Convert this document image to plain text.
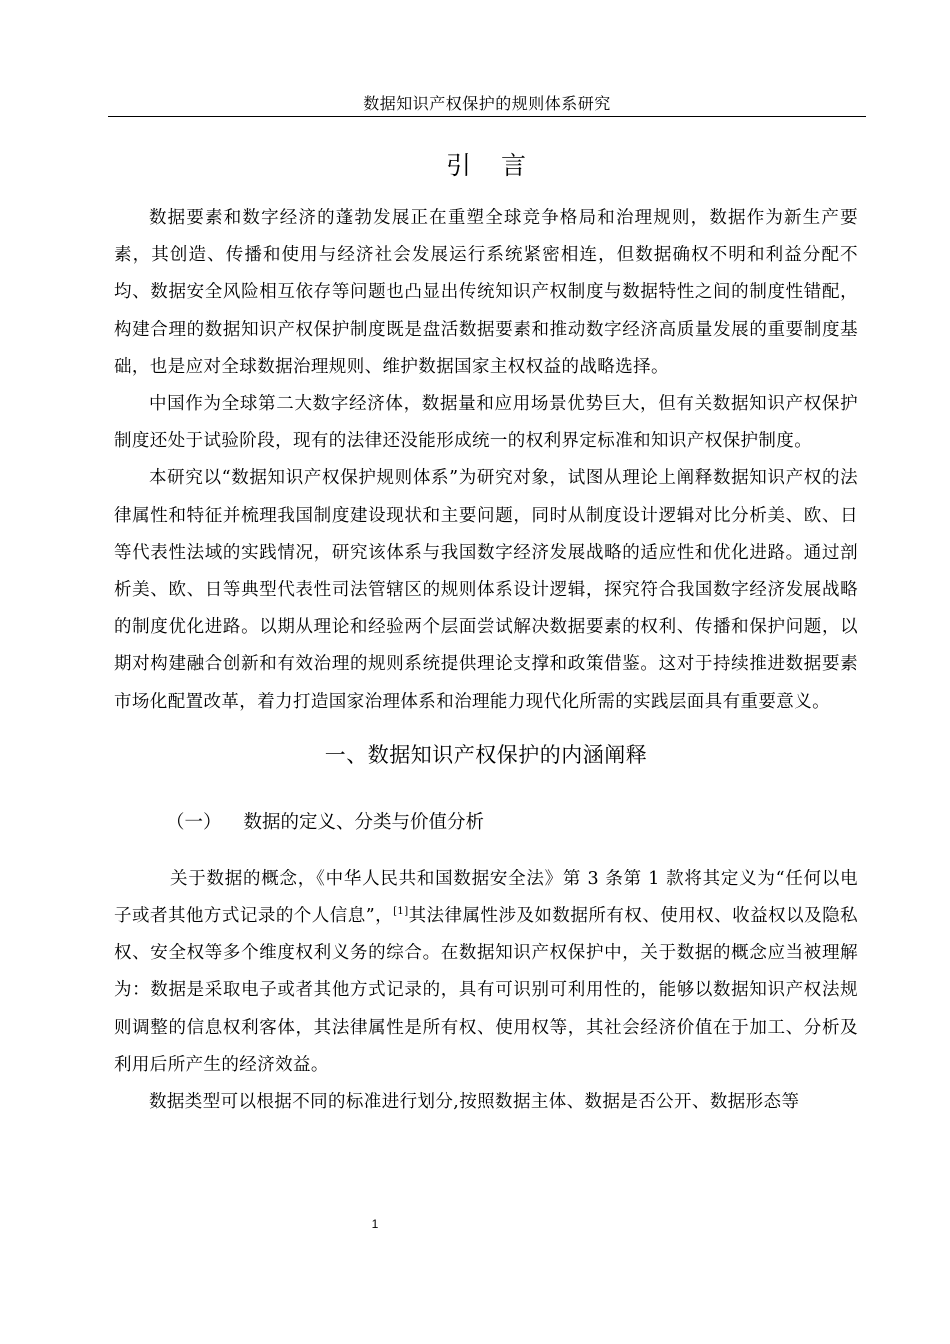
数据知识产权保护的规则体系研究
引言

数据要素和数字经济的蓬勃发展正在重塑全球竞争格局和治理规则，数据作为新生产要素，其创造、传播和使用与经济社会发展运行系统紧密相连，但数据确权不明和利益分配不均、数据安全风险相互依存等问题也凸显出传统知识产权制度与数据特性之间的制度性错配，构建合理的数据知识产权保护制度既是盘活数据要素和推动数字经济高质量发展的重要制度基础，也是应对全球数据治理规则、维护数据国家主权权益的战略选择。

中国作为全球第二大数字经济体，数据量和应用场景优势巨大，但有关数据知识产权保护制度还处于试验阶段，现有的法律还没能形成统一的权利界定标准和知识产权保护制度。

本研究以“数据知识产权保护规则体系”为研究对象，试图从理论上阐释数据知识产权的法律属性和特征并梳理我国制度建设现状和主要问题，同时从制度设计逻辑对比分析美、欧、日等代表性法域的实践情况，研究该体系与我国数字经济发展战略的适应性和优化进路。通过剖析美、欧、日等典型代表性司法管辖区的规则体系设计逻辑，探究符合我国数字经济发展战略的制度优化进路。以期从理论和经验两个层面尝试解决数据要素的权利、传播和保护问题，以期对构建融合创新和有效治理的规则系统提供理论支撑和政策借鉴。这对于持续推进数据要素市场化配置改革，着力打造国家治理体系和治理能力现代化所需的实践层面具有重要意义。

一、数据知识产权保护的内涵阐释
（一） 数据的定义、分类与价值分析

关于数据的概念，《中华人民共和国数据安全法》第 3 条第 1 款将其定义为“任何以电子或者其他方式记录的个人信息”，[1]其法律属性涉及如数据所有权、使用权、收益权以及隐私权、安全权等多个维度权利义务的综合。在数据知识产权保护中，关于数据的概念应当被理解为：数据是采取电子或者其他方式记录的，具有可识别可利用性的，能够以数据知识产权法规则调整的信息权利客体，其法律属性是所有权、使用权等，其社会经济价值在于加工、分析及利用后所产生的经济效益。

数据类型可以根据不同的标准进行划分,按照数据主体、数据是否公开、数据形态等

1
